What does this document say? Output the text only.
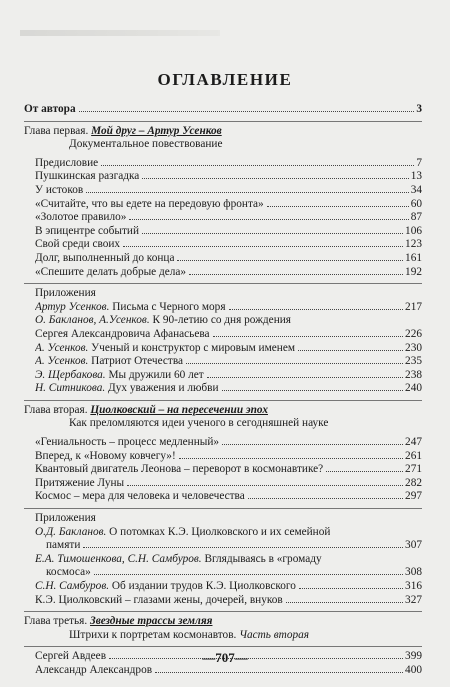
ОГЛАВЛЕНИЕ
От автора	3
Глава первая. Мой друг – Артур Усенков
Документальное повествование
Предисловие	7
Пушкинская разгадка	13
У истоков	34
«Считайте, что вы едете на передовую фронта»	60
«Золотое правило»	87
В эпицентре событий	106
Свой среди своих	123
Долг, выполненный до конца	161
«Спешите делать добрые дела»	192
Приложения
Артур Усенков. Письма с Черного моря	217
О. Бакланов, А.Усенков. К 90-летию со дня рождения
Сергея Александровича Афанасьева	226
А. Усенков. Ученый и конструктор с мировым именем	230
А. Усенков. Патриот Отечества	235
Э. Щербакова. Мы дружили 60 лет	238
Н. Ситникова. Дух уважения и любви	240
Глава вторая. Циолковский – на пересечении эпох
Как преломляются идеи ученого в сегодняшней науке
«Гениальность – процесс медленный»	247
Вперед, к «Новому ковчегу»!	261
Квантовый двигатель Леонова – переворот в космонавтике?	271
Притяжение Луны	282
Космос – мера для человека и человечества	297
Приложения
О.Д. Бакланов. О потомках К.Э. Циолковского и их семейной
памяти	307
Е.А. Тимошенкова, С.Н. Самбуров. Вглядываясь в «громаду
космоса»	308
С.Н. Самбуров. Об издании трудов К.Э. Циолковского	316
К.Э. Циолковский – глазами жены, дочерей, внуков	327
Глава третья. Звездные трассы земляя
Штрихи к портретам космонавтов. Часть вторая
Сергей Авдеев	399
Александр Александров	400
—707—
